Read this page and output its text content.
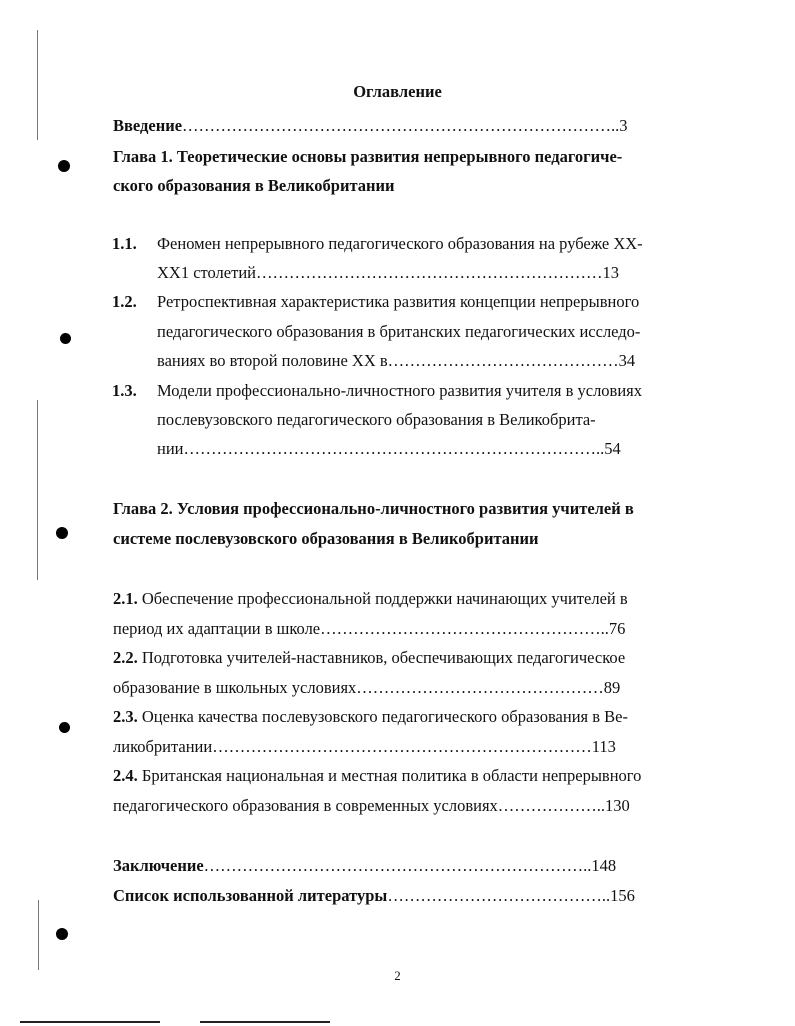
Оглавление
Введение……………………………………………………………………..3
Глава 1. Теоретические основы развития непрерывного педагогиче-
ского образования в Великобритании
1.1. Феномен непрерывного педагогического образования на рубеже XX-
XX1 столетий………………………………………………………13
1.2. Ретроспективная характеристика развития концепции непрерывного
педагогического образования в британских педагогических исследо-
ваниях во второй половине XX в……………………………………34
1.3. Модели профессионально-личностного развития учителя в условиях
послевузовского педагогического образования в Великобрита-
нии…………………………………………………………………..54
Глава 2. Условия профессионально-личностного развития учителей в
системе послевузовского образования в Великобритании
2.1. Обеспечение профессиональной поддержки начинающих учителей в
период их адаптации в школе……………………………………………..76
2.2. Подготовка учителей-наставников, обеспечивающих педагогическое
образование в школьных условиях………………………………………89
2.3. Оценка качества послевузовского педагогического образования в Ве-
ликобритании……………………………………………………………113
2.4. Британская национальная и местная политика в области непрерывного
педагогического образования в современных условиях………………..130
Заключение……………………………………………………………..148
Список использованной литературы…………………………………..156
2
